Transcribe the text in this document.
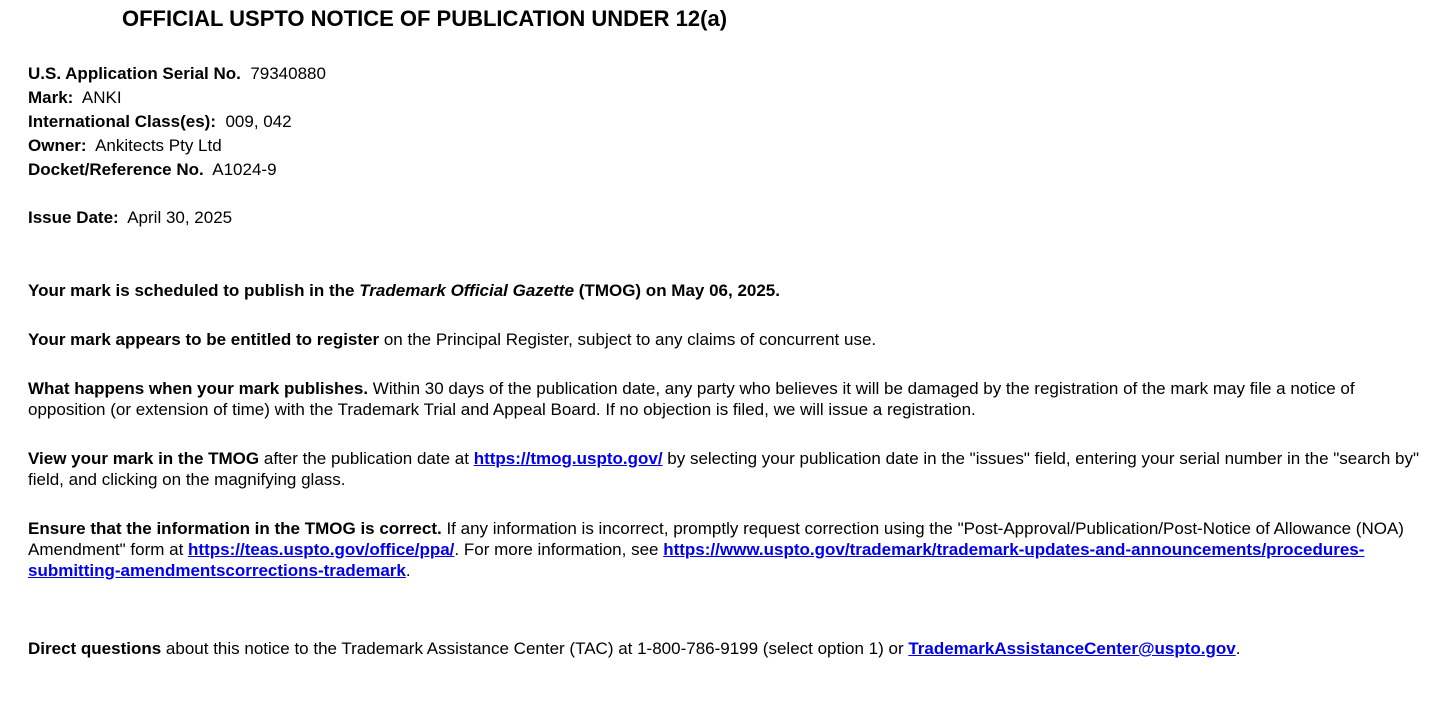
OFFICIAL USPTO NOTICE OF PUBLICATION UNDER 12(a)
U.S. Application Serial No. 79340880
Mark: ANKI
International Class(es): 009, 042
Owner: Ankitects Pty Ltd
Docket/Reference No. A1024-9
Issue Date: April 30, 2025
Your mark is scheduled to publish in the Trademark Official Gazette (TMOG) on May 06, 2025.
Your mark appears to be entitled to register on the Principal Register, subject to any claims of concurrent use.
What happens when your mark publishes. Within 30 days of the publication date, any party who believes it will be damaged by the registration of the mark may file a notice of opposition (or extension of time) with the Trademark Trial and Appeal Board. If no objection is filed, we will issue a registration.
View your mark in the TMOG after the publication date at https://tmog.uspto.gov/ by selecting your publication date in the "issues" field, entering your serial number in the "search by" field, and clicking on the magnifying glass.
Ensure that the information in the TMOG is correct. If any information is incorrect, promptly request correction using the "Post-Approval/Publication/Post-Notice of Allowance (NOA) Amendment" form at https://teas.uspto.gov/office/ppa/. For more information, see https://www.uspto.gov/trademark/trademark-updates-and-announcements/procedures-submitting-amendmentscorrections-trademark.
Direct questions about this notice to the Trademark Assistance Center (TAC) at 1-800-786-9199 (select option 1) or TrademarkAssistanceCenter@uspto.gov.
